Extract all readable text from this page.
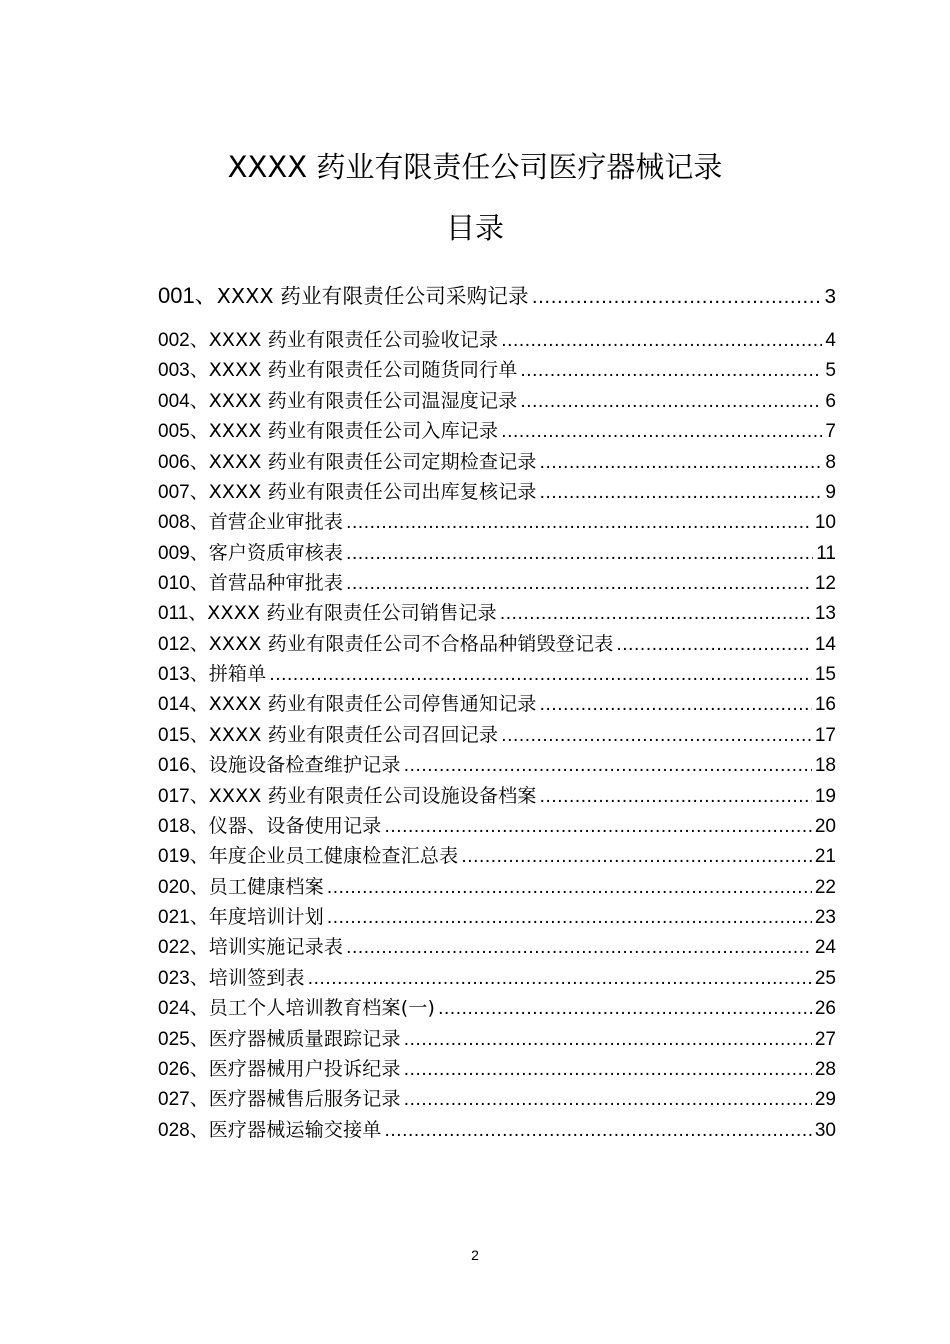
XXXX 药业有限责任公司医疗器械记录
目录
001、 XXXX 药业有限责任公司采购记录 .....	3
002、 XXXX 药业有限责任公司验收记录 .....	4
003、 XXXX 药业有限责任公司随货同行单 .....	5
004、 XXXX 药业有限责任公司温湿度记录 .....	6
005、 XXXX 药业有限责任公司入库记录 .....	7
006、 XXXX 药业有限责任公司定期检查记录 .....	8
007、 XXXX 药业有限责任公司出库复核记录 .....	9
008、 首营企业审批表 .....	10
009、 客户资质审核表 .....	11
010、 首营品种审批表 .....	12
011、 XXXX 药业有限责任公司销售记录 .....	13
012、 XXXX 药业有限责任公司不合格品种销毁登记表 .....	14
013、 拼箱单 .....	15
014、 XXXX 药业有限责任公司停售通知记录 .....	16
015、 XXXX 药业有限责任公司召回记录 .....	17
016、 设施设备检查维护记录 .....	18
017、 XXXX 药业有限责任公司设施设备档案 .....	19
018、 仪器、设备使用记录 .....	20
019、 年度企业员工健康检查汇总表 .....	21
020、 员工健康档案 .....	22
021、 年度培训计划 .....	23
022、 培训实施记录表 .....	24
023、 培训签到表 .....	25
024、 员工个人培训教育档案(一) .....	26
025、 医疗器械质量跟踪记录 .....	27
026、 医疗器械用户投诉纪录 .....	28
027、 医疗器械售后服务记录 .....	29
028、 医疗器械运输交接单 .....	30
2
